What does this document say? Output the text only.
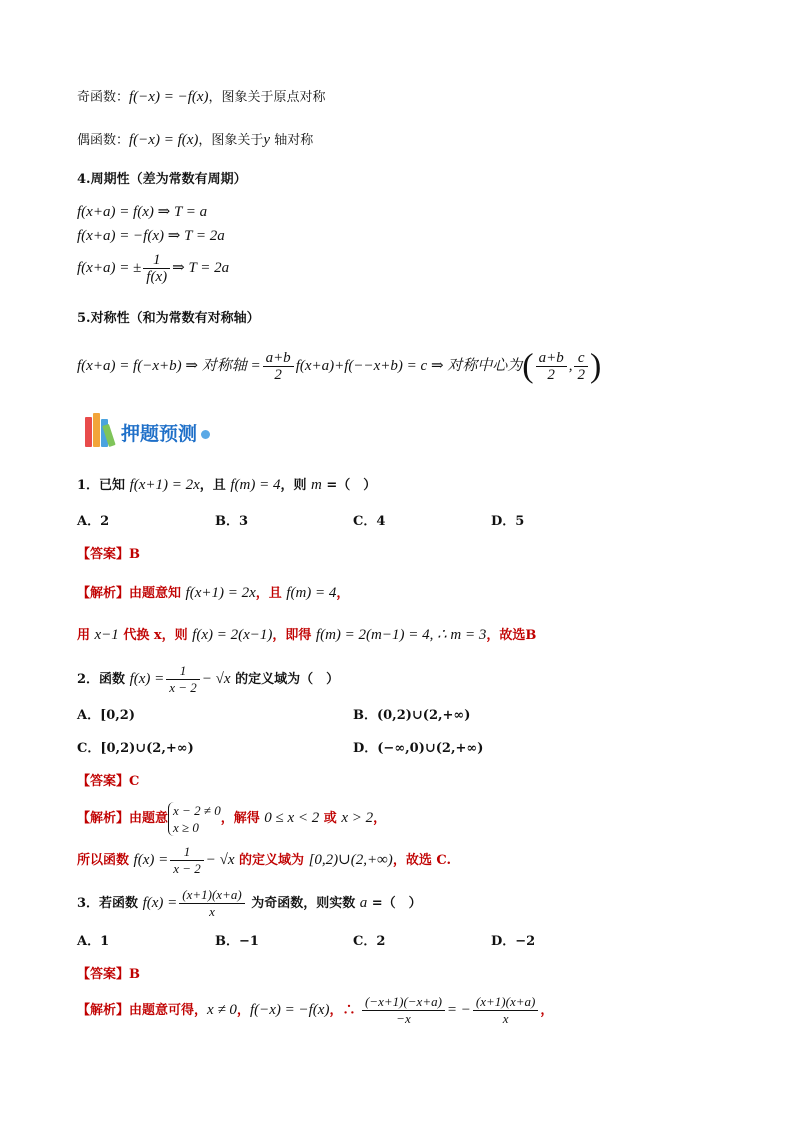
奇函数：f(−x) = −f(x)，图象关于原点对称
偶函数：f(−x) = f(x)，图象关于y 轴对称
4.周期性（差为常数有周期）
f(x+a) = f(x) ⇒ T = a
f(x+a) = −f(x) ⇒ T = 2a
f(x+a) = ± $\frac{1}{f(x)}$ ⇒ T = 2a
5.对称性（和为常数有对称轴）
f(x+a) = f(−x+b) ⇒ 对称轴 = $\frac{a+b}{2} f(x+a)+f(--x+b) = c$ ⇒ 对称中心为( $\frac{a+b}{2}$ , $\frac{c}{2}$ )
押题预测
1．已知 f(x+1) = 2x，且 f(m) = 4，则 m =（　）
A．2	B．3	C．4	D．5
【答案】B
【解析】由题意知 f(x+1) = 2x，且 f(m) = 4，
用 x−1 代换 x，则 f(x) = 2(x−1)，即得 f(m) = 2(m−1) = 4, ∴ m = 3，故选B
2．函数 $f(x) = \frac{1}{x - 2} - √x$ 的定义域为（　）
A．[0,2)	B．(0,2)∪(2,+∞)
C．[0,2)∪(2,+∞)	D．(−∞,0)∪(2,+∞)
【答案】C
【解析】由题意
x − 2 ≠ 0
x ≥ 0
，解得 0 ≤ x < 2 或 x > 2，
所以函数 $f(x) = \frac{1}{x - 2} - √x$ 的定义域为 [0,2)∪(2,+∞)，故选 C.
3．若函数 $f(x) = \frac{(x+1)(x+a)}{x}$ 为奇函数，则实数 a =（　）
A．1	B．−1	C．2	D．−2
【答案】B
【解析】由题意可得，x ≠ 0，f(−x) = −f(x)，∴ $\frac{(-x+1)(-x+a)}{-x}$ = − $\frac{(x+1)(x+a)}{x}$ ，
